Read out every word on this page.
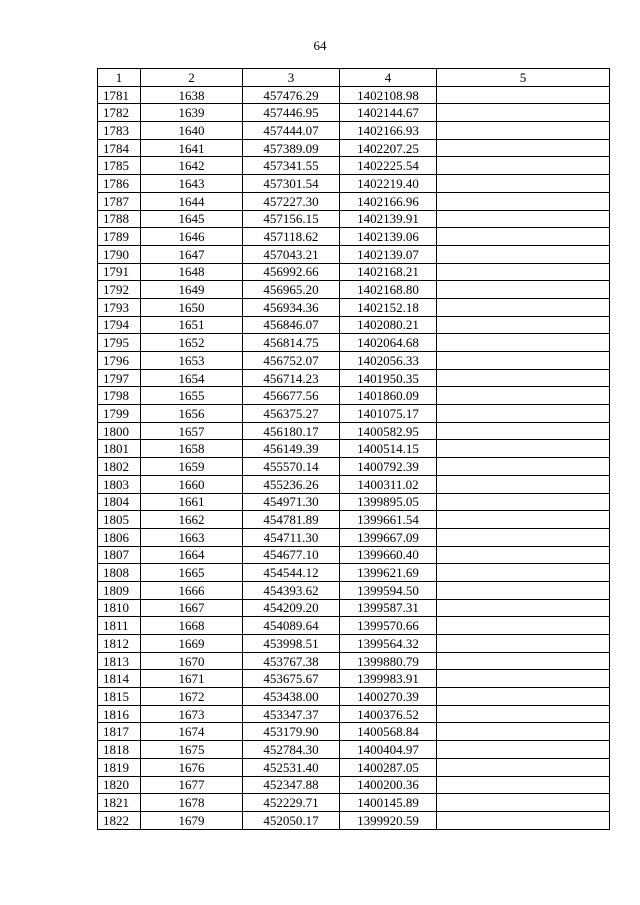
64
1	2	3	4	5
1781	1638	457476.29	1402108.98	
1782	1639	457446.95	1402144.67	
1783	1640	457444.07	1402166.93	
1784	1641	457389.09	1402207.25	
1785	1642	457341.55	1402225.54	
1786	1643	457301.54	1402219.40	
1787	1644	457227.30	1402166.96	
1788	1645	457156.15	1402139.91	
1789	1646	457118.62	1402139.06	
1790	1647	457043.21	1402139.07	
1791	1648	456992.66	1402168.21	
1792	1649	456965.20	1402168.80	
1793	1650	456934.36	1402152.18	
1794	1651	456846.07	1402080.21	
1795	1652	456814.75	1402064.68	
1796	1653	456752.07	1402056.33	
1797	1654	456714.23	1401950.35	
1798	1655	456677.56	1401860.09	
1799	1656	456375.27	1401075.17	
1800	1657	456180.17	1400582.95	
1801	1658	456149.39	1400514.15	
1802	1659	455570.14	1400792.39	
1803	1660	455236.26	1400311.02	
1804	1661	454971.30	1399895.05	
1805	1662	454781.89	1399661.54	
1806	1663	454711.30	1399667.09	
1807	1664	454677.10	1399660.40	
1808	1665	454544.12	1399621.69	
1809	1666	454393.62	1399594.50	
1810	1667	454209.20	1399587.31	
1811	1668	454089.64	1399570.66	
1812	1669	453998.51	1399564.32	
1813	1670	453767.38	1399880.79	
1814	1671	453675.67	1399983.91	
1815	1672	453438.00	1400270.39	
1816	1673	453347.37	1400376.52	
1817	1674	453179.90	1400568.84	
1818	1675	452784.30	1400404.97	
1819	1676	452531.40	1400287.05	
1820	1677	452347.88	1400200.36	
1821	1678	452229.71	1400145.89	
1822	1679	452050.17	1399920.59	
